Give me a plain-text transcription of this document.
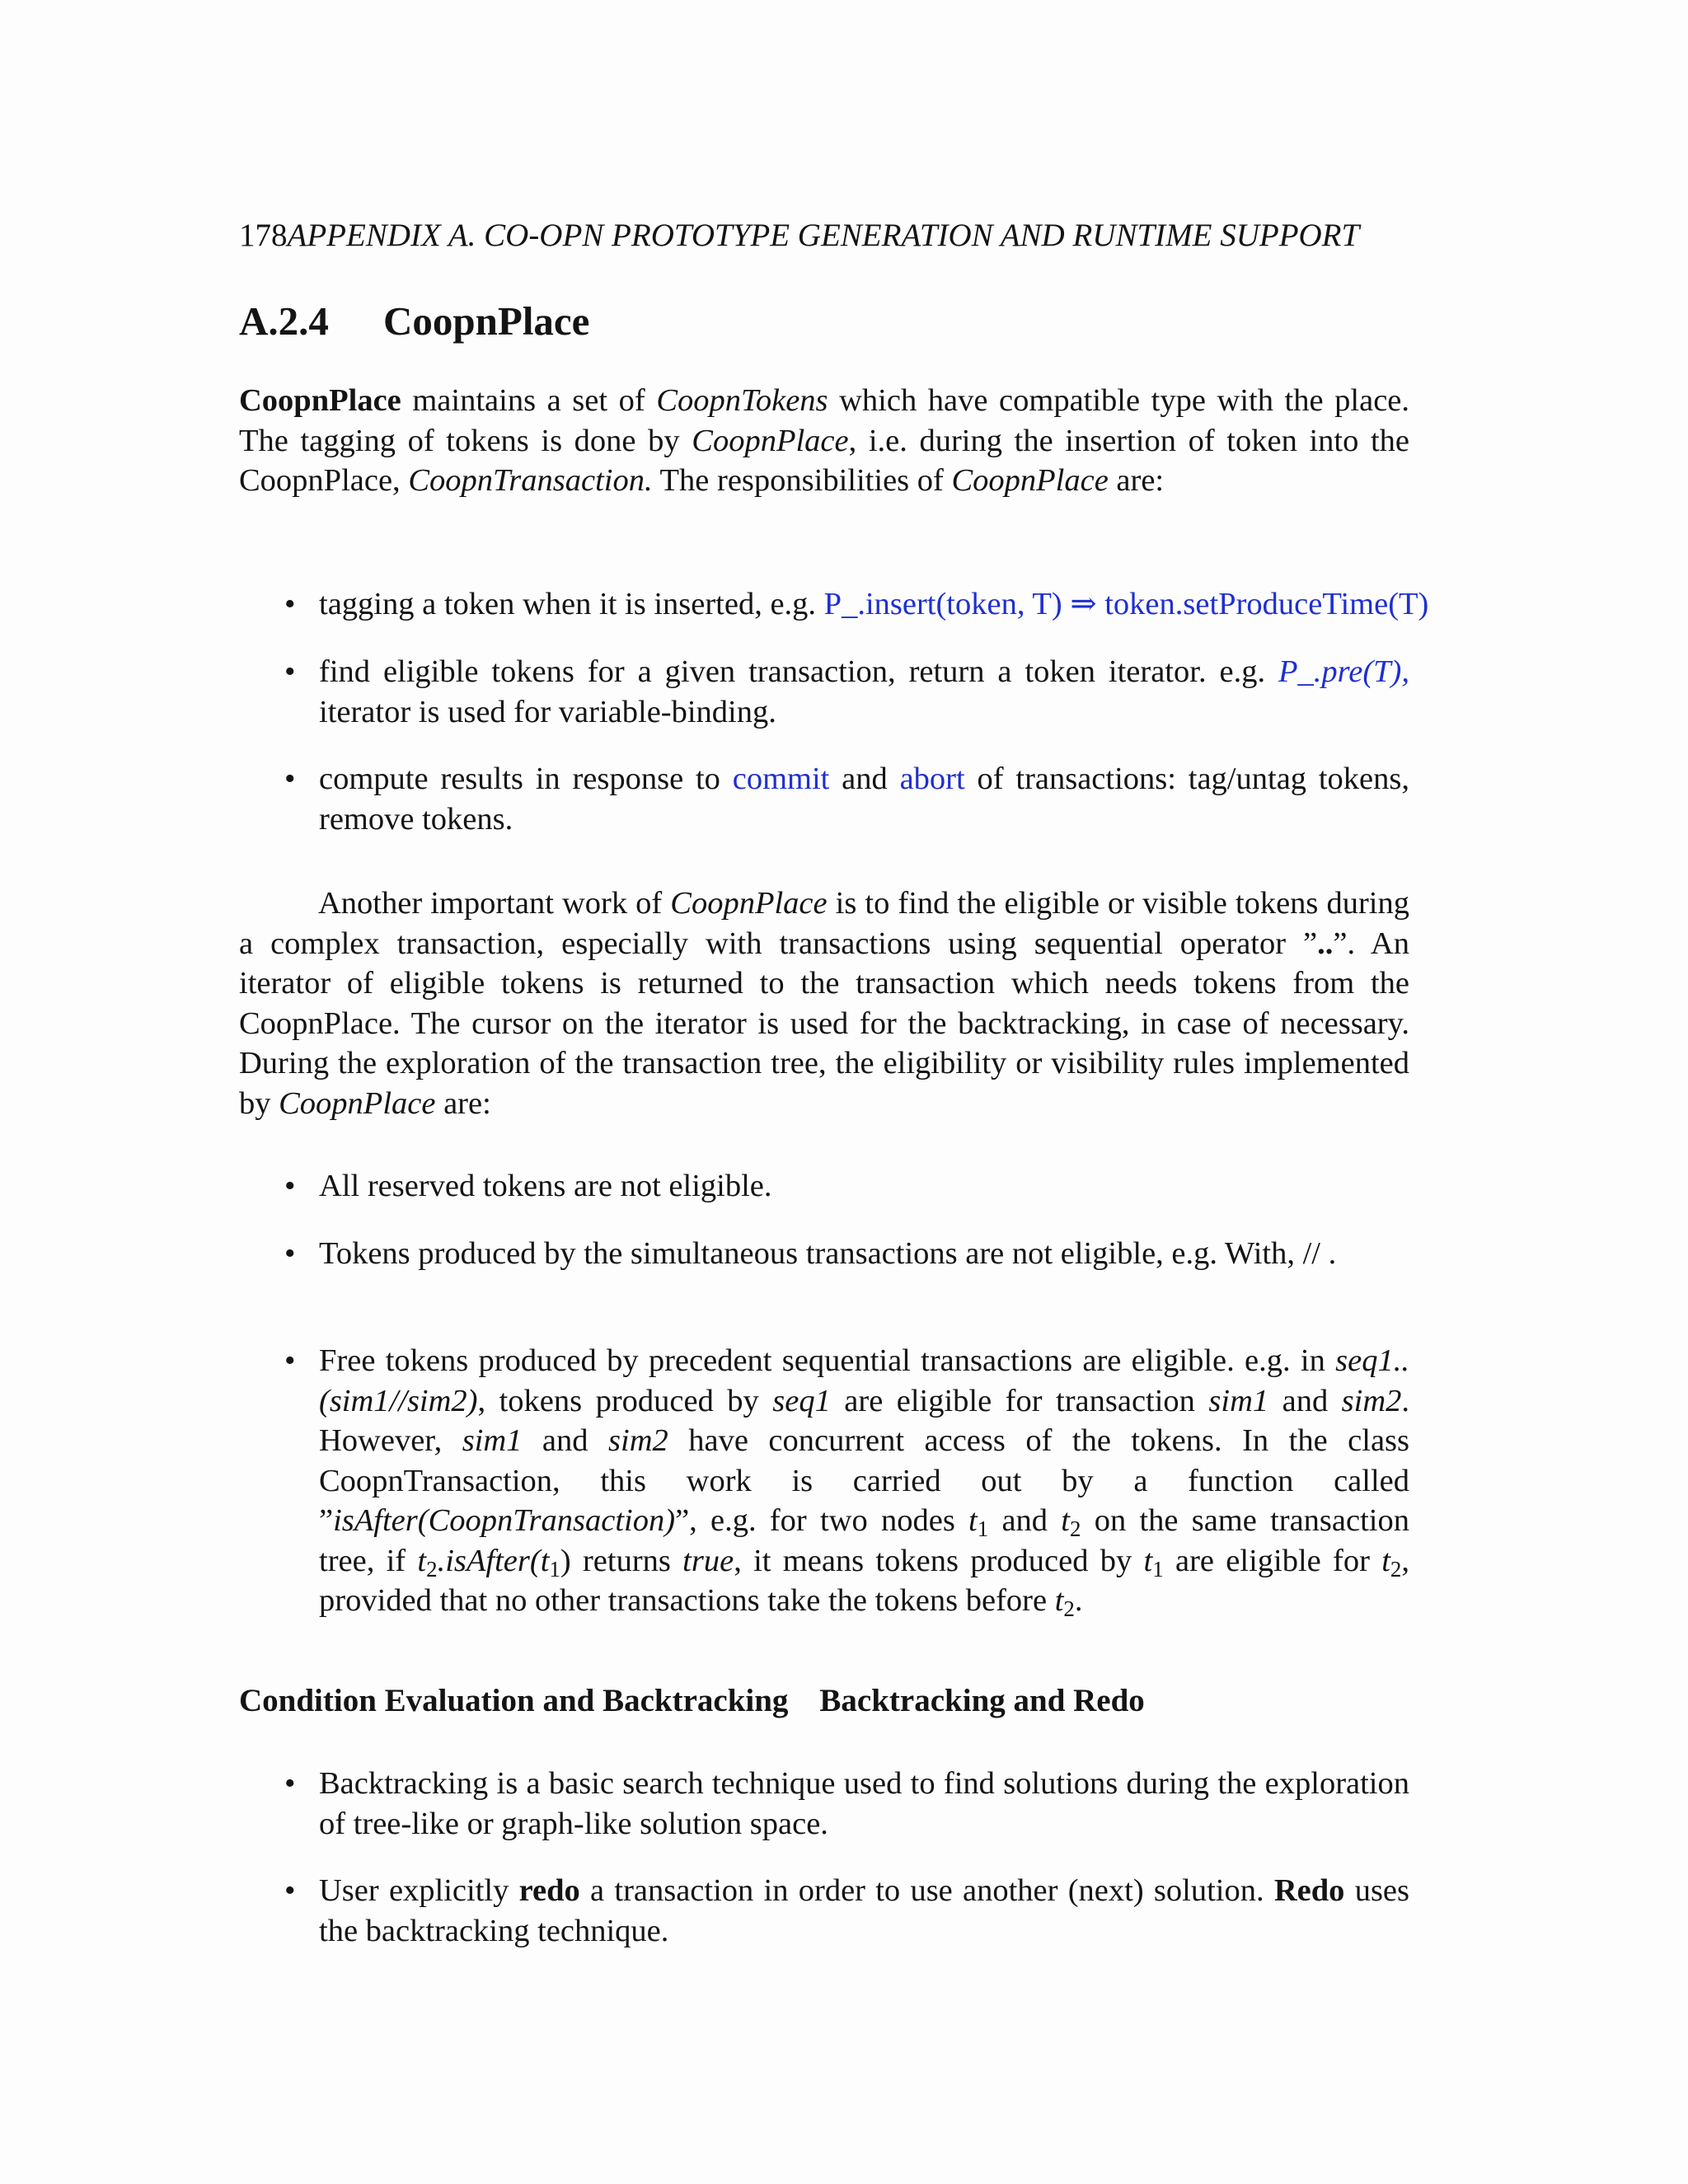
178APPENDIX A. CO-OPN PROTOTYPE GENERATION AND RUNTIME SUPPORT
A.2.4 CoopnPlace

CoopnPlace maintains a set of CoopnTokens which have compatible type with the place. The tagging of tokens is done by CoopnPlace, i.e. during the insertion of token into the CoopnPlace, CoopnTransaction. The responsibilities of CoopnPlace are:

• tagging a token when it is inserted, e.g. P_.insert(token, T) ⇒ token.setProduceTime(T)
• find eligible tokens for a given transaction, return a token iterator. e.g. P_.pre(T), iterator is used for variable-binding.
• compute results in response to commit and abort of transactions: tag/untag tokens, remove tokens.

Another important work of CoopnPlace is to find the eligible or visible tokens during a complex transaction, especially with transactions using sequential operator ”..”. An iterator of eligible tokens is returned to the transaction which needs tokens from the CoopnPlace. The cursor on the iterator is used for the backtracking, in case of necessary. During the exploration of the transaction tree, the eligibility or visibility rules implemented by CoopnPlace are:

• All reserved tokens are not eligible.
• Tokens produced by the simultaneous transactions are not eligible, e.g. With, // .
• Free tokens produced by precedent sequential transactions are eligible. e.g. in seq1..(sim1//sim2), tokens produced by seq1 are eligible for transaction sim1 and sim2. However, sim1 and sim2 have concurrent access of the tokens. In the class CoopnTransaction, this work is carried out by a function called ”isAfter(CoopnTransaction)”, e.g. for two nodes $t_1$ and $t_2$ on the same transaction tree, if $t_2.isAfter(t_1)$ returns true, it means tokens produced by $t_1$ are eligible for $t_2$, provided that no other transactions take the tokens before $t_2$.
Condition Evaluation and Backtracking Backtracking and Redo
• Backtracking is a basic search technique used to find solutions during the exploration of tree-like or graph-like solution space.
• User explicitly redo a transaction in order to use another (next) solution. Redo uses the backtracking technique.
